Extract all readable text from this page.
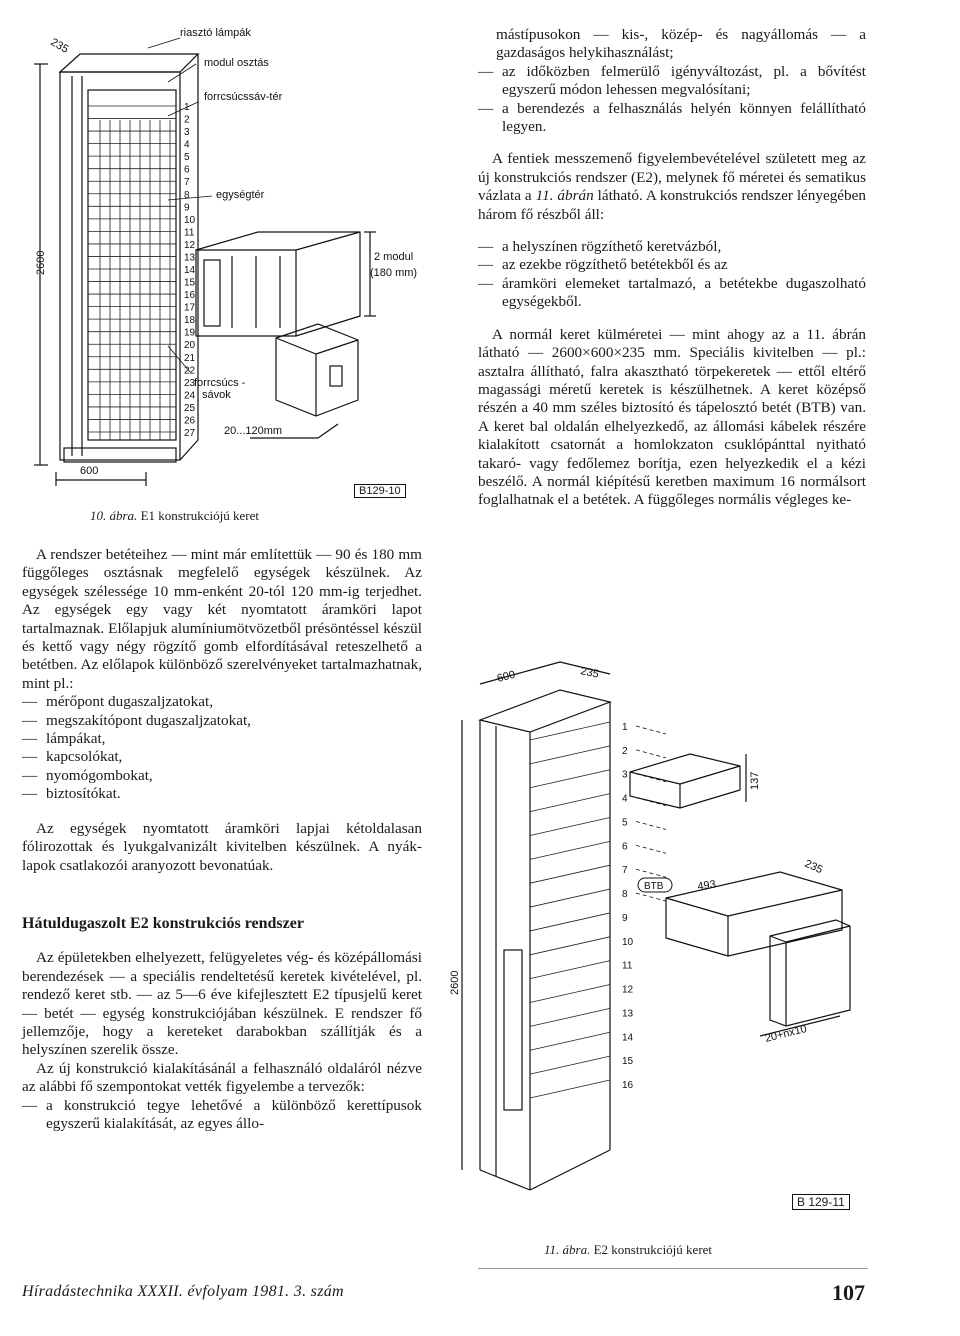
2600
600
235
riasztó lámpák
modul osztás
forrcsúcssáv-tér
egységtér
2 modul
(180 mm)
forrcsúcs -
sávok
20...120mm
1
2
3
4
5
6
7
8
9
10
11
12
13
14
15
16
17
18
19
20
21
22
23
24
25
26
27
B129-10
10. ábra. E1 konstrukciójú keret

A rendszer betéteihez — mint már említettük — 90 és 180 mm függőleges osztásnak megfelelő egységek készülnek. Az egységek szélessége 10 mm-enként 20-tól 120 mm-ig terjedhet. Az egységek egy vagy két nyomtatott áramköri lapot tartalmaznak. Előlapjuk alumíniumötvözetből présöntéssel készül és kettő vagy négy rögzítő gomb elfordításával reteszelhető a betétben. Az előlapok különböző szerelvényeket tartalmazhatnak, mint pl.:

— mérőpont dugaszaljzatokat,
— megszakítópont dugaszaljzatokat,
— lámpákat,
— kapcsolókat,
— nyomógombokat,
— biztosítókat.

Az egységek nyomtatott áramköri lapjai kétoldalasan fólirozottak és lyukgalvanizált kivitelben készülnek. A nyák-lapok csatlakozói aranyozott bevonatúak.

Hátuldugaszolt E2 konstrukciós rendszer

Az épületekben elhelyezett, felügyeletes vég- és középállomási berendezések — a speciális rendeltetésű keretek kivételével, pl. rendező keret stb. — az 5—6 éve kifejlesztett E2 típusjelű keret — betét — egység konstrukciójában készülnek. E rendszer fő jellemzője, hogy a kereteket darabokban szállítják és a helyszínen szerelik össze.

Az új konstrukció kialakításánál a felhasználó oldaláról nézve az alábbi fő szempontokat vették figyelembe a tervezők:

— a konstrukció tegye lehetővé a különböző kerettípusok egyszerű kialakítását, az egyes állo-

mástípusokon — kis-, közép- és nagyállomás — a gazdaságos helykihasználást;

— az időközben felmerülő igényváltozást, pl. a bővítést egyszerű módon lehessen megvalósítani;
— a berendezés a felhasználás helyén könnyen felállítható legyen.

A fentiek messzemenő figyelembevételével született meg az új konstrukciós rendszer (E2), melynek fő méretei és sematikus vázlata a 11. ábrán látható. A konstrukciós rendszer lényegében három fő részből áll:

— a helyszínen rögzíthető keretvázból,
— az ezekbe rögzíthető betétekből és az
— áramköri elemeket tartalmazó, a betétekbe dugaszolható egységekből.

A normál keret külméretei — mint ahogy az a 11. ábrán látható — 2600×600×235 mm. Speciális kivitelben — pl.: asztalra állítható, falra akasztható törpekeretek — ettől eltérő magassági méretű keretek is készülhetnek. A keret középső részén a 40 mm széles biztosító és tápelosztó betét (BTB) van. A keret bal oldalán elhelyezkedő, az állomási kábelek részére kialakított csatornát a homlokzaton csuklópánttal nyitható takaró- vagy fedőlemez borítja, ezen helyezkedik el a kézi beszélő. A normál kiépítésű keretben maximum 16 normálsort foglalhatnak el a betétek. A függőleges normális végleges ke-

600	235
2600
137
BTB	493
235
20+nx10
1
2
3
4
5
6
7
8
9
10
11
12
13
14
15
16
B 129-11
11. ábra. E2 konstrukciójú keret
Híradástechnika XXXII. évfolyam 1981. 3. szám	107
